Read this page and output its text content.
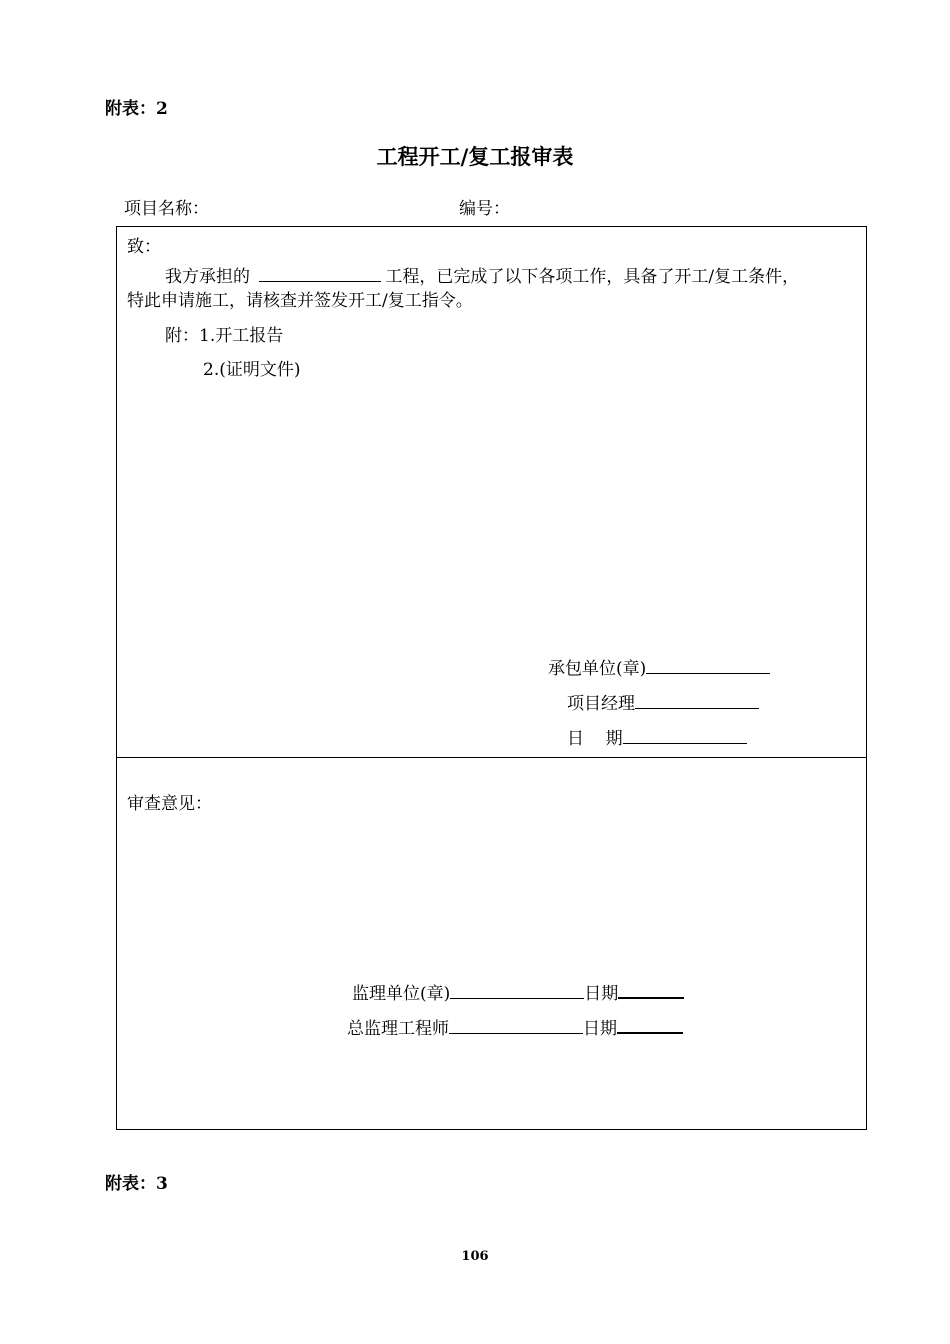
附表：2
工程开工/复工报审表
项目名称：	编号：
致：
我方承担的	工程，已完成了以下各项工作，具备了开工/复工条件，
特此申请施工，请核查并签发开工/复工指令。
附：1.开工报告
2.(证明文件)
承包单位(章)
项目经理
日    期
审查意见：
监理单位(章)	日期
总监理工程师	日期
附表：3
106
